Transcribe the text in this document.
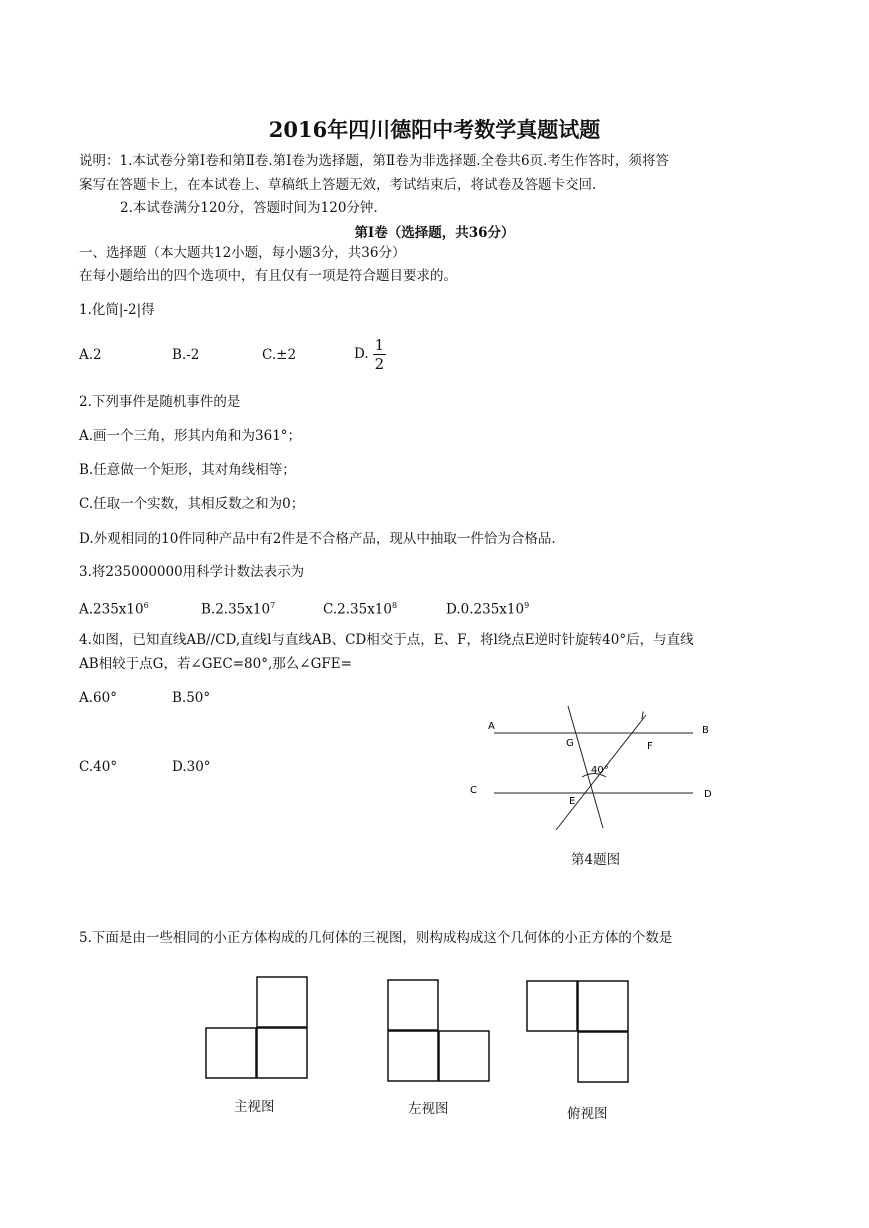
2016年四川德阳中考数学真题试题
说明：1.本试卷分第Ⅰ卷和第Ⅱ卷.第Ⅰ卷为选择题，第Ⅱ卷为非选择题.全卷共6页.考生作答时，须将答
案写在答题卡上，在本试卷上、草稿纸上答题无效，考试结束后，将试卷及答题卡交回.
2.本试卷满分120分，答题时间为120分钟.
第Ⅰ卷（选择题，共36分）
一、选择题（本大题共12小题，每小题3分，共36分）
在每小题给出的四个选项中，有且仅有一项是符合题目要求的。
1.化简|-2|得
A.2	B.-2	C.±2	D. $\frac{1}{2}$
2.下列事件是随机事件的是
A.画一个三角，形其内角和为361°；
B.任意做一个矩形，其对角线相等；
C.任取一个实数，其相反数之和为0；
D.外观相同的10件同种产品中有2件是不合格产品，现从中抽取一件恰为合格品.
3.将235000000用科学计数法表示为
$A.235x10^6$	$B.2.35x10^7$	$C.2.35x10^8$	$D.0.235x10^9$
4.如图，已知直线AB//CD,直线l与直线AB、CD相交于点，E、F，将l绕点E逆时针旋转40°后，与直线
AB相较于点G，若∠GEC=80°,那么∠GFE=
A.60°	B.50°
C.40°	D.30°
A	B
C	D
G	F
E
l
40°
第4题图
5.下面是由一些相同的小正方体构成的几何体的三视图，则构成构成这个几何体的小正方体的个数是
主视图	左视图	俯视图
